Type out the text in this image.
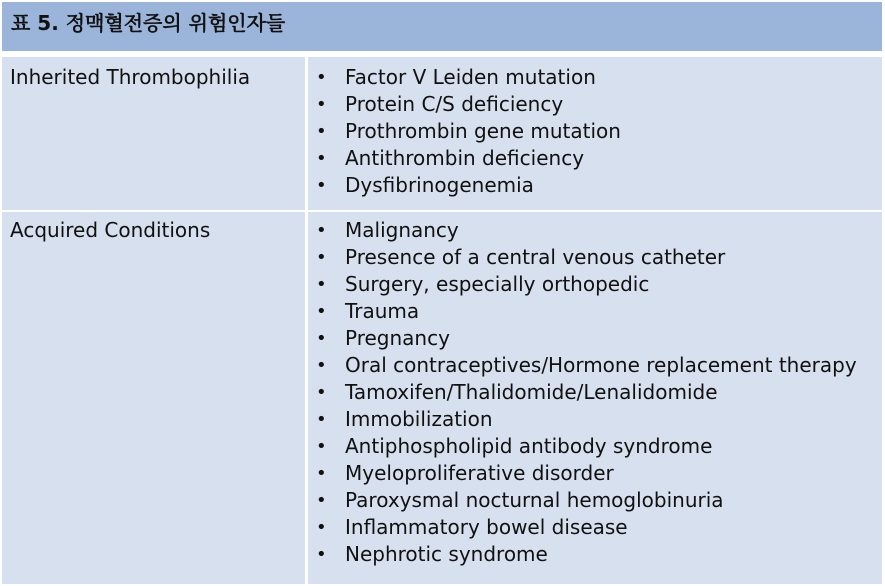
표 5. 정맥혈전증의 위험인자들
Inherited Thrombophilia	• Factor V Leiden mutation
• Protein C/S deficiency
• Prothrombin gene mutation
• Antithrombin deficiency
• Dysfibrinogenemia
Acquired Conditions	• Malignancy
• Presence of a central venous catheter
• Surgery, especially orthopedic
• Trauma
• Pregnancy
• Oral contraceptives/Hormone replacement therapy
• Tamoxifen/Thalidomide/Lenalidomide
• Immobilization
• Antiphospholipid antibody syndrome
• Myeloproliferative disorder
• Paroxysmal nocturnal hemoglobinuria
• Inflammatory bowel disease
• Nephrotic syndrome
